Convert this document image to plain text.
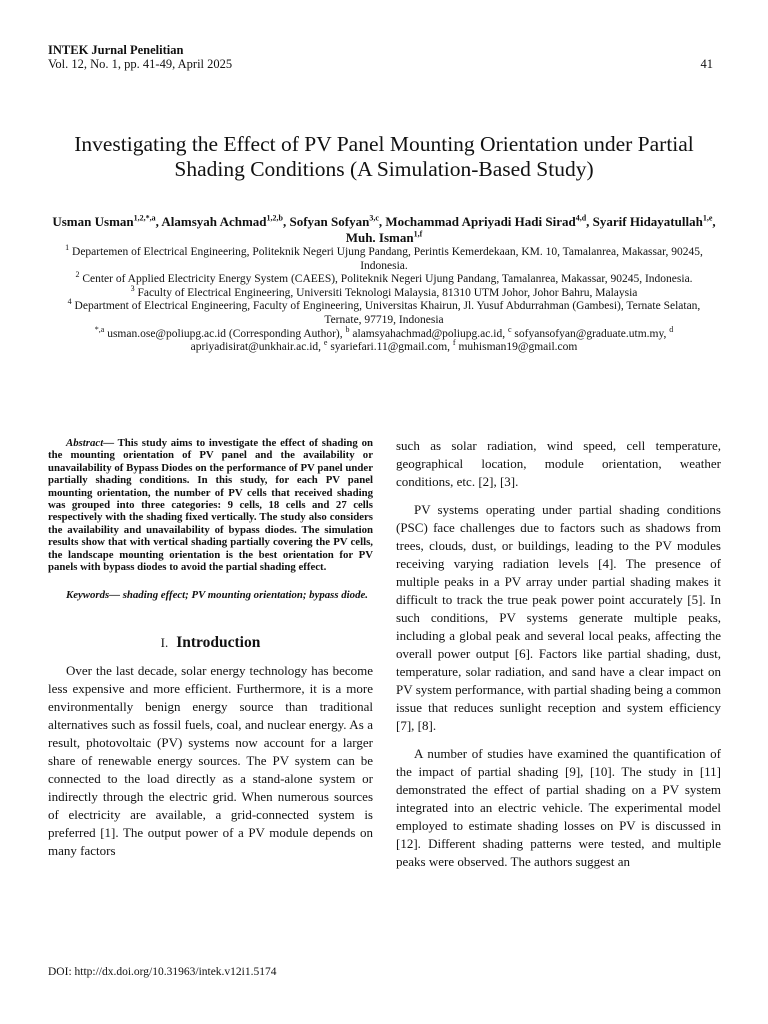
INTEK Jurnal Penelitian
Vol. 12, No. 1, pp. 41-49, April 2025	41
Investigating the Effect of PV Panel Mounting Orientation under Partial Shading Conditions (A Simulation-Based Study)
Usman Usman$^{1,2,*,a}$, Alamsyah Achmad$^{1,2,b}$, Sofyan Sofyan$^{3,c}$, Mochammad Apriyadi Hadi Sirad$^{4,d}$, Syarif Hidayatullah$^{1,e}$, Muh. Isman$^{1,f}$

$^1$ Departemen of Electrical Engineering, Politeknik Negeri Ujung Pandang, Perintis Kemerdekaan, KM. 10, Tamalanrea, Makassar, 90245, Indonesia.

$^2$ Center of Applied Electricity Energy System (CAEES), Politeknik Negeri Ujung Pandang, Tamalanrea, Makassar, 90245, Indonesia.

$^3$ Faculty of Electrical Engineering, Universiti Teknologi Malaysia, 81310 UTM Johor, Johor Bahru, Malaysia

$^4$ Department of Electrical Engineering, Faculty of Engineering, Universitas Khairun, Jl. Yusuf Abdurrahman (Gambesi), Ternate Selatan, Ternate, 97719, Indonesia

$^{*,a}$ usman.ose@poliupg.ac.id (Corresponding Author), $^b$ alamsyahachmad@poliupg.ac.id, $^c$ sofyansofyan@graduate.utm.my, $^d$ apriyadisirat@unkhair.ac.id, $^e$ syariefari.11@gmail.com, $^f$ muhisman19@gmail.com

Abstract— This study aims to investigate the effect of shading on the mounting orientation of PV panel and the availability or unavailability of Bypass Diodes on the performance of PV panel under partially shading conditions. In this study, for each PV panel mounting orientation, the number of PV cells that received shading was grouped into three categories: 9 cells, 18 cells and 27 cells respectively with the shading fixed vertically. The study also considers the availability and unavailability of bypass diodes. The simulation results show that with vertical shading partially covering the PV cells, the landscape mounting orientation is the best orientation for PV panels with bypass diodes to avoid the partial shading effect.

Keywords— shading effect; PV mounting orientation; bypass diode.

I. Introduction

Over the last decade, solar energy technology has become less expensive and more efficient. Furthermore, it is a more environmentally benign energy source than traditional alternatives such as fossil fuels, coal, and nuclear energy. As a result, photovoltaic (PV) systems now account for a larger share of renewable energy sources. The PV system can be connected to the load directly as a stand-alone system or indirectly through the electric grid. When numerous sources of electricity are available, a grid-connected system is preferred [1]. The output power of a PV module depends on many factors

such as solar radiation, wind speed, cell temperature, geographical location, module orientation, weather conditions, etc. [2], [3].

PV systems operating under partial shading conditions (PSC) face challenges due to factors such as shadows from trees, clouds, dust, or buildings, leading to the PV modules receiving varying radiation levels [4]. The presence of multiple peaks in a PV array under partial shading makes it difficult to track the true peak power point accurately [5]. In such conditions, PV systems generate multiple peaks, including a global peak and several local peaks, affecting the overall power output [6]. Factors like partial shading, dust, temperature, solar radiation, and sand have a clear impact on PV system performance, with partial shading being a common issue that reduces sunlight reception and system efficiency [7], [8].

A number of studies have examined the quantification of the impact of partial shading [9], [10]. The study in [11] demonstrated the effect of partial shading on a PV system integrated into an electric vehicle. The experimental model employed to estimate shading losses on PV is discussed in [12]. Different shading patterns were tested, and multiple peaks were observed. The authors suggest an

DOI: http://dx.doi.org/10.31963/intek.v12i1.5174
